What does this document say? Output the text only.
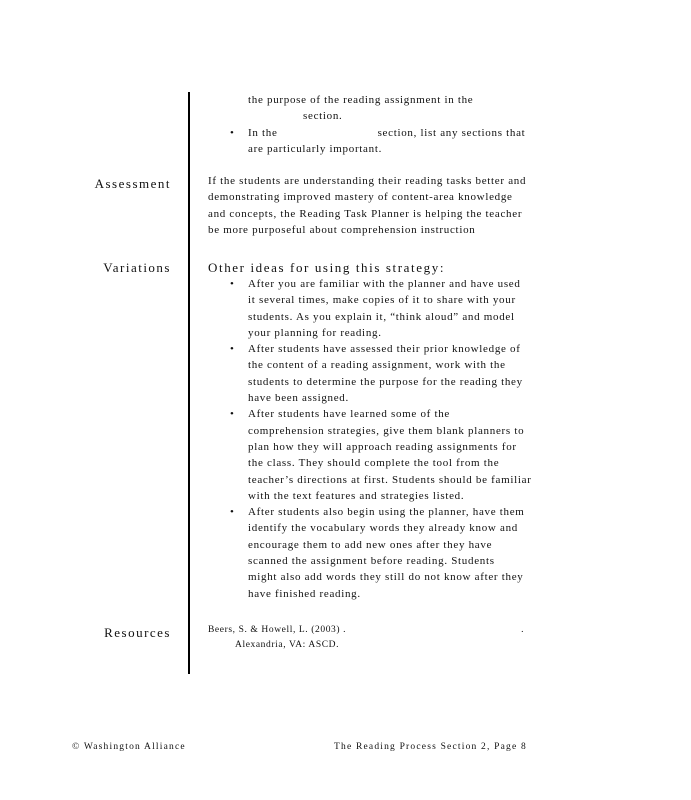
the purpose of the reading assignment in the

section.

• In the	section, list any sections that

are particularly important.

Assessment	If the students are understanding their reading tasks better and

demonstrating improved mastery of content-area knowledge

and concepts, the Reading Task Planner is helping the teacher

be more purposeful about comprehension instruction

Variations	Other ideas for using this strategy:

• After you are familiar with the planner and have used

it several times, make copies of it to share with your

students. As you explain it, “think aloud” and model

your planning for reading.

• After students have assessed their prior knowledge of

the content of a reading assignment, work with the

students to determine the purpose for the reading they

have been assigned.

• After students have learned some of the

comprehension strategies, give them blank planners to

plan how they will approach reading assignments for

the class. They should complete the tool from the

teacher’s directions at first. Students should be familiar

with the text features and strategies listed.

• After students also begin using the planner, have them

identify the vocabulary words they already know and

encourage them to add new ones after they have

scanned the assignment before reading. Students

might also add words they still do not know after they

have finished reading.

Resources	Beers, S. & Howell, L. (2003) .	.

Alexandria, VA: ASCD.

© Washington Alliance	The Reading Process Section 2, Page 8
